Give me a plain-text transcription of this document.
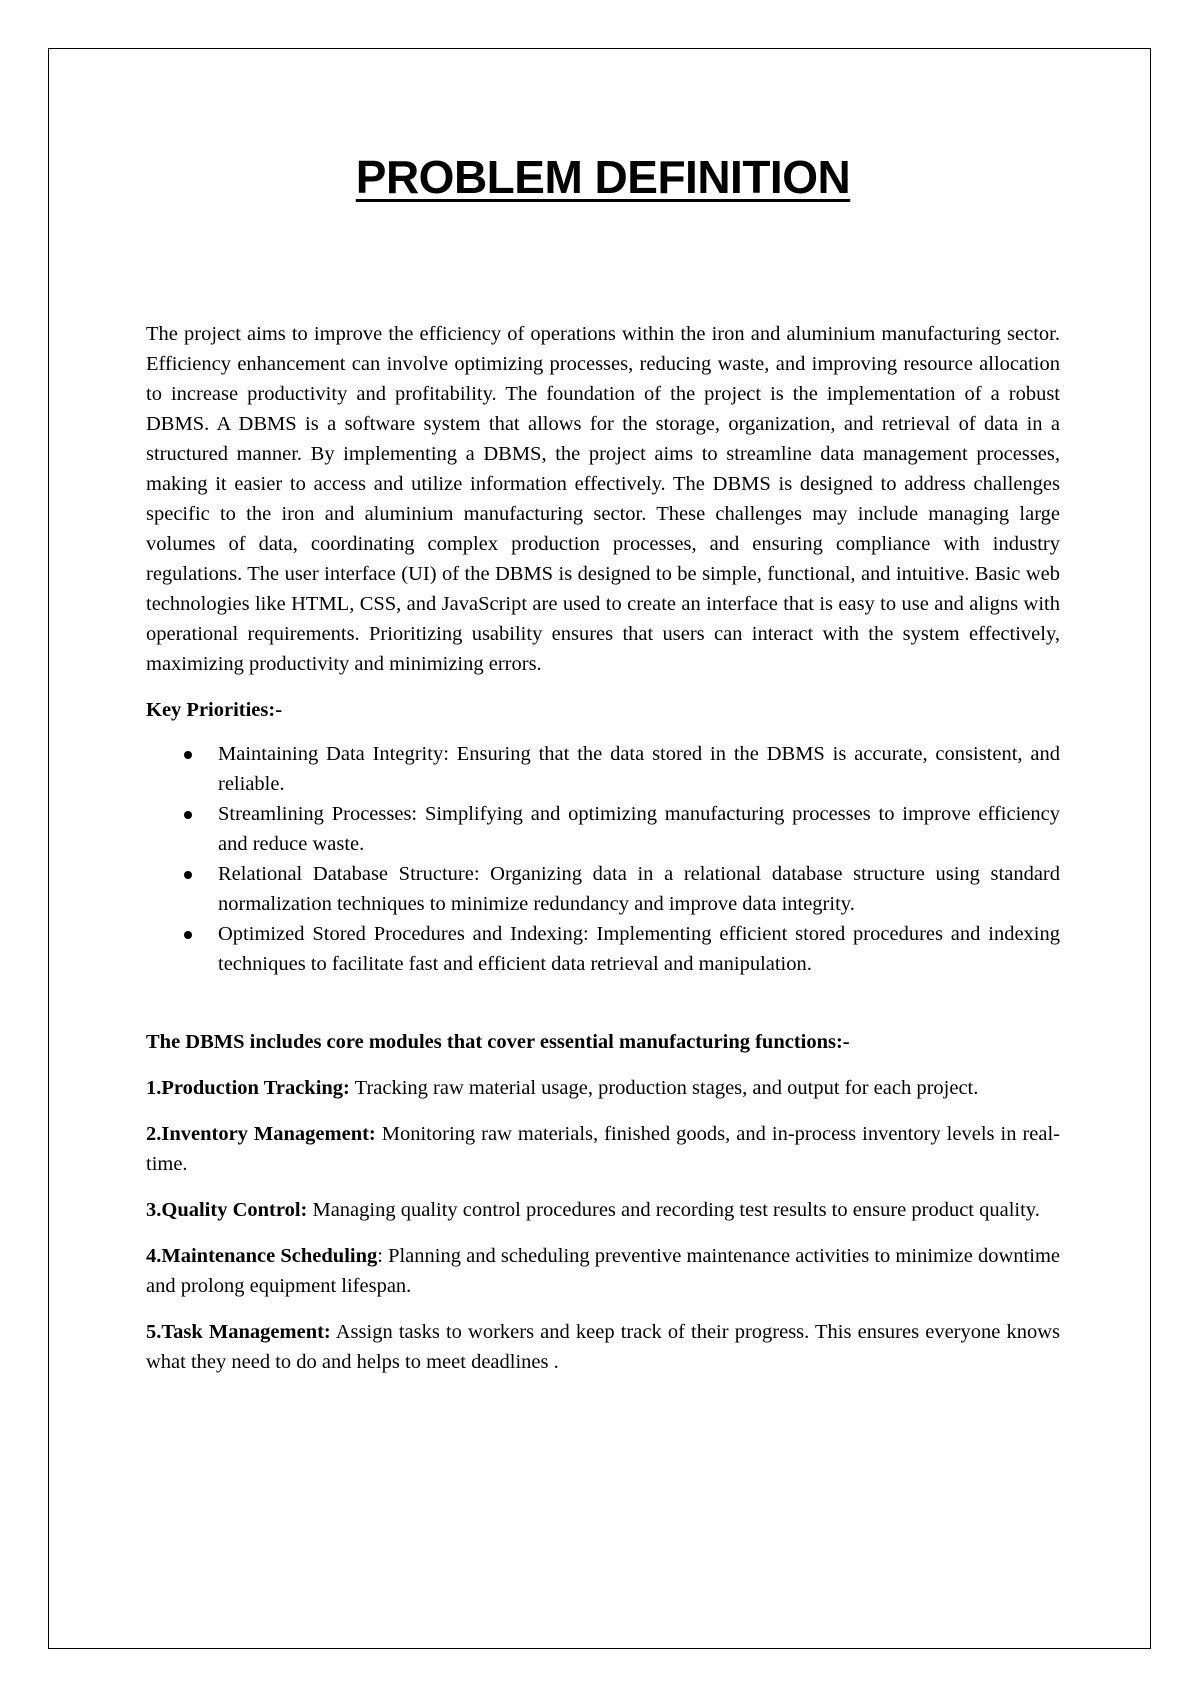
PROBLEM DEFINITION

The project aims to improve the efficiency of operations within the iron and aluminium manufacturing sector. Efficiency enhancement can involve optimizing processes, reducing waste, and improving resource allocation to increase productivity and profitability. The foundation of the project is the implementation of a robust DBMS. A DBMS is a software system that allows for the storage, organization, and retrieval of data in a structured manner. By implementing a DBMS, the project aims to streamline data management processes, making it easier to access and utilize information effectively. The DBMS is designed to address challenges specific to the iron and aluminium manufacturing sector. These challenges may include managing large volumes of data, coordinating complex production processes, and ensuring compliance with industry regulations. The user interface (UI) of the DBMS is designed to be simple, functional, and intuitive. Basic web technologies like HTML, CSS, and JavaScript are used to create an interface that is easy to use and aligns with operational requirements. Prioritizing usability ensures that users can interact with the system effectively, maximizing productivity and minimizing errors.

Key Priorities:-

Maintaining Data Integrity: Ensuring that the data stored in the DBMS is accurate, consistent, and reliable.
Streamlining Processes: Simplifying and optimizing manufacturing processes to improve efficiency and reduce waste.
Relational Database Structure: Organizing data in a relational database structure using standard normalization techniques to minimize redundancy and improve data integrity.
Optimized Stored Procedures and Indexing: Implementing efficient stored procedures and indexing techniques to facilitate fast and efficient data retrieval and manipulation.

The DBMS includes core modules that cover essential manufacturing functions:-

1.Production Tracking: Tracking raw material usage, production stages, and output for each project.

2.Inventory Management: Monitoring raw materials, finished goods, and in-process inventory levels in real-time.

3.Quality Control: Managing quality control procedures and recording test results to ensure product quality.

4.Maintenance Scheduling: Planning and scheduling preventive maintenance activities to minimize downtime and prolong equipment lifespan.

5.Task Management: Assign tasks to workers and keep track of their progress. This ensures everyone knows what they need to do and helps to meet deadlines .
